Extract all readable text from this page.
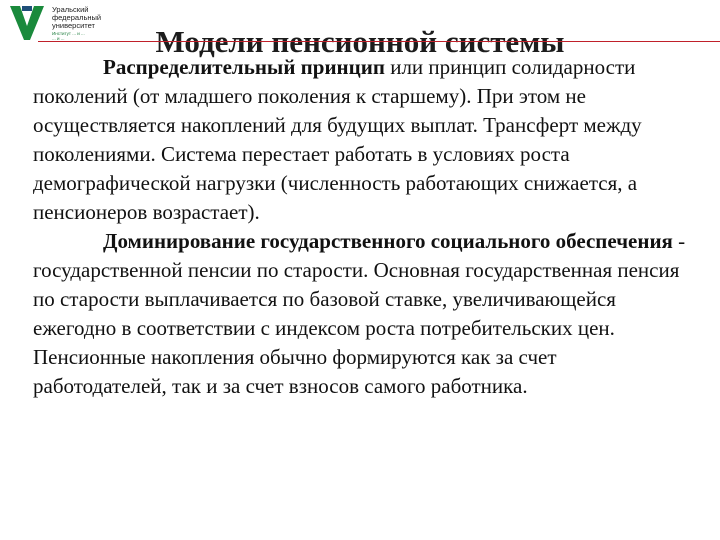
Уральский
федеральный
университет
Институт ... и ...
... и ...	Модели пенсионной системы

Распределительный принцип или принцип солидарности поколений (от младшего поколения к старшему). При этом не осуществляется накоплений для будущих выплат. Трансферт между поколениями. Система перестает работать в условиях роста демографической нагрузки (численность работающих снижается, а пенсионеров возрастает).

Доминирование государственного социального обеспечения - государственной пенсии по старости. Основная государственная пенсия по старости выплачивается по базовой ставке, увеличивающейся ежегодно в соответствии с индексом роста потребительских цен. Пенсионные накопления обычно формируются как за счет работодателей, так и за счет взносов самого работника.
